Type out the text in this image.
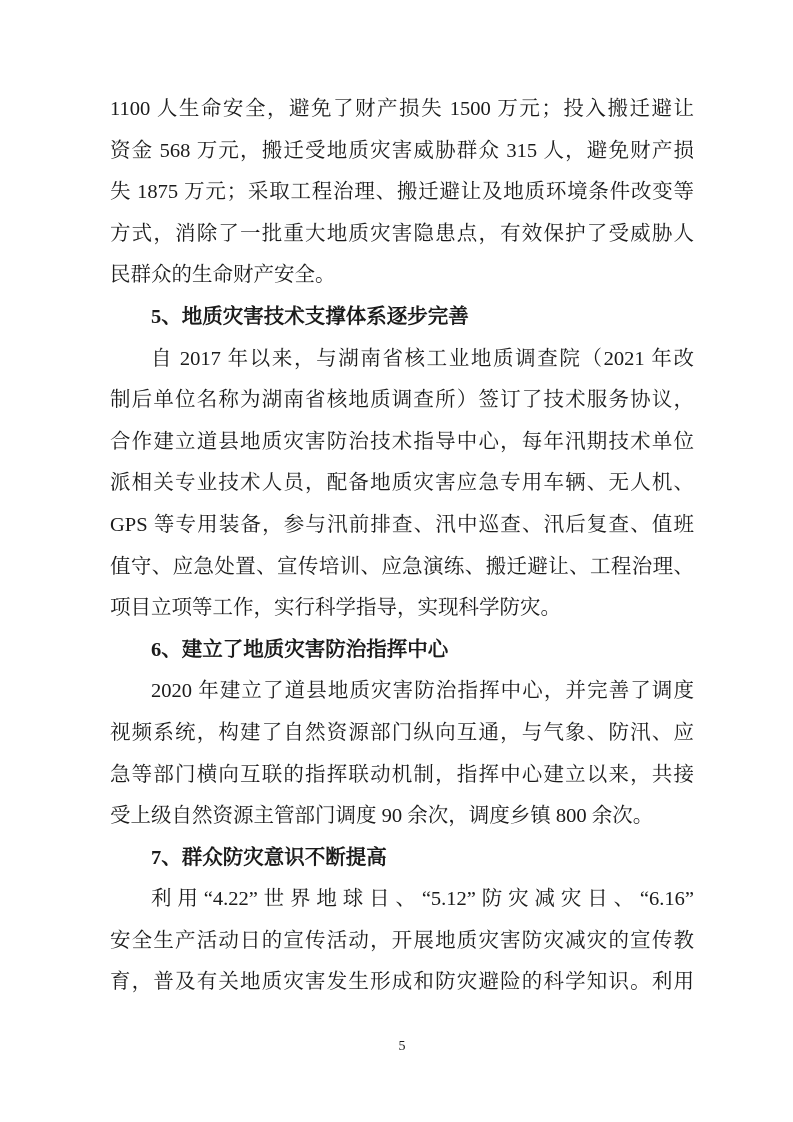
1100 人生命安全，避免了财产损失 1500 万元；投入搬迁避让
资金 568 万元，搬迁受地质灾害威胁群众 315 人，避免财产损
失 1875 万元；采取工程治理、搬迁避让及地质环境条件改变等
方式，消除了一批重大地质灾害隐患点，有效保护了受威胁人
民群众的生命财产安全。
5、地质灾害技术支撑体系逐步完善
自 2017 年以来，与湖南省核工业地质调查院（2021 年改
制后单位名称为湖南省核地质调查所）签订了技术服务协议，
合作建立道县地质灾害防治技术指导中心，每年汛期技术单位
派相关专业技术人员，配备地质灾害应急专用车辆、无人机、
GPS 等专用装备，参与汛前排查、汛中巡查、汛后复查、值班
值守、应急处置、宣传培训、应急演练、搬迁避让、工程治理、
项目立项等工作，实行科学指导，实现科学防灾。
6、建立了地质灾害防治指挥中心
2020 年建立了道县地质灾害防治指挥中心，并完善了调度
视频系统，构建了自然资源部门纵向互通，与气象、防汛、应
急等部门横向互联的指挥联动机制，指挥中心建立以来，共接
受上级自然资源主管部门调度 90 余次，调度乡镇 800 余次。
7、群众防灾意识不断提高
利用“4.22”世界地球日、“5.12”防灾减灾日、“6.16”
安全生产活动日的宣传活动，开展地质灾害防灾减灾的宣传教
育，普及有关地质灾害发生形成和防灾避险的科学知识。利用
5
